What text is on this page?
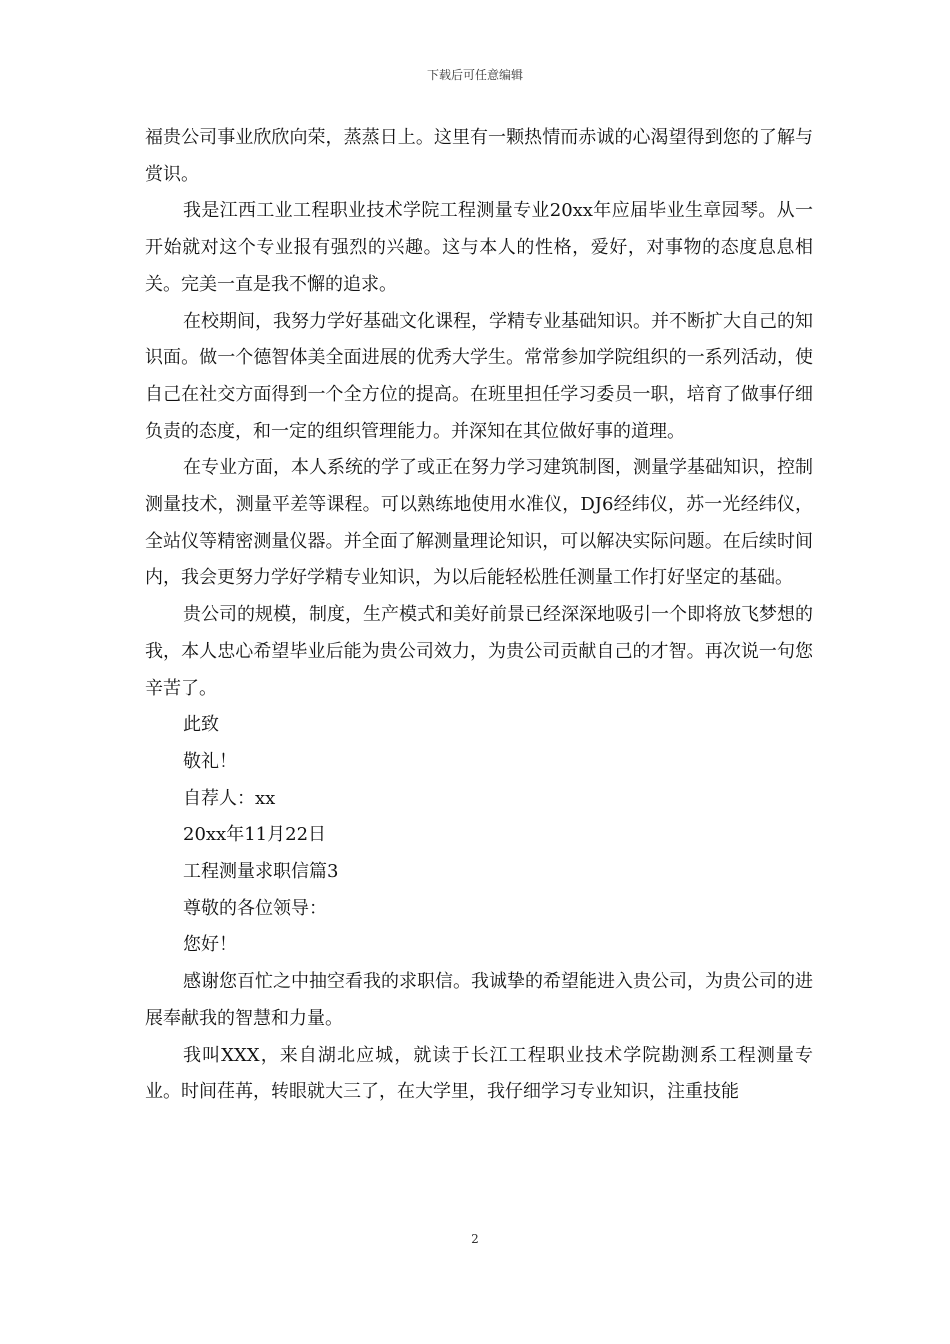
下载后可任意编辑

福贵公司事业欣欣向荣，蒸蒸日上。这里有一颗热情而赤诚的心渴望得到您的了解与赏识。

我是江西工业工程职业技术学院工程测量专业20xx年应届毕业生章园琴。从一开始就对这个专业报有强烈的兴趣。这与本人的性格，爱好，对事物的态度息息相关。完美一直是我不懈的追求。

在校期间，我努力学好基础文化课程，学精专业基础知识。并不断扩大自己的知识面。做一个德智体美全面进展的优秀大学生。常常参加学院组织的一系列活动，使自己在社交方面得到一个全方位的提高。在班里担任学习委员一职，培育了做事仔细负责的态度，和一定的组织管理能力。并深知在其位做好事的道理。

在专业方面，本人系统的学了或正在努力学习建筑制图，测量学基础知识，控制测量技术，测量平差等课程。可以熟练地使用水准仪，DJ6经纬仪，苏一光经纬仪，全站仪等精密测量仪器。并全面了解测量理论知识，可以解决实际问题。在后续时间内，我会更努力学好学精专业知识，为以后能轻松胜任测量工作打好坚定的基础。

贵公司的规模，制度，生产模式和美好前景已经深深地吸引一个即将放飞梦想的我，本人忠心希望毕业后能为贵公司效力，为贵公司贡献自己的才智。再次说一句您辛苦了。

此致

敬礼！

自荐人：xx

20xx年11月22日

工程测量求职信篇3

尊敬的各位领导：

您好！

感谢您百忙之中抽空看我的求职信。我诚挚的希望能进入贵公司，为贵公司的进展奉献我的智慧和力量。

我叫XXX，来自湖北应城，就读于长江工程职业技术学院勘测系工程测量专业。时间荏苒，转眼就大三了，在大学里，我仔细学习专业知识，注重技能

2
